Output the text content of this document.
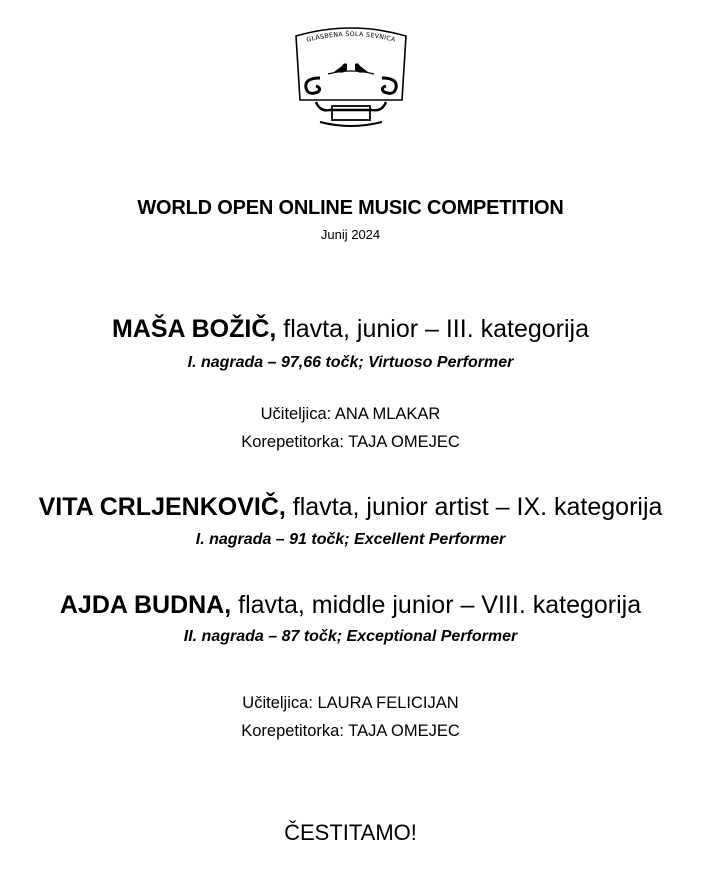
GLASBENA ŠOLA SEVNICA
WORLD OPEN ONLINE MUSIC COMPETITION
Junij 2024
MAŠA BOŽIČ, flavta, junior – III. kategorija
I. nagrada – 97,66 točk; Virtuoso Performer
Učiteljica: ANA MLAKAR
Korepetitorka: TAJA OMEJEC
VITA CRLJENKOVIČ, flavta, junior artist – IX. kategorija
I. nagrada – 91 točk; Excellent Performer
AJDA BUDNA, flavta, middle junior – VIII. kategorija
II. nagrada – 87 točk; Exceptional Performer
Učiteljica: LAURA FELICIJAN
Korepetitorka: TAJA OMEJEC
ČESTITAMO!
